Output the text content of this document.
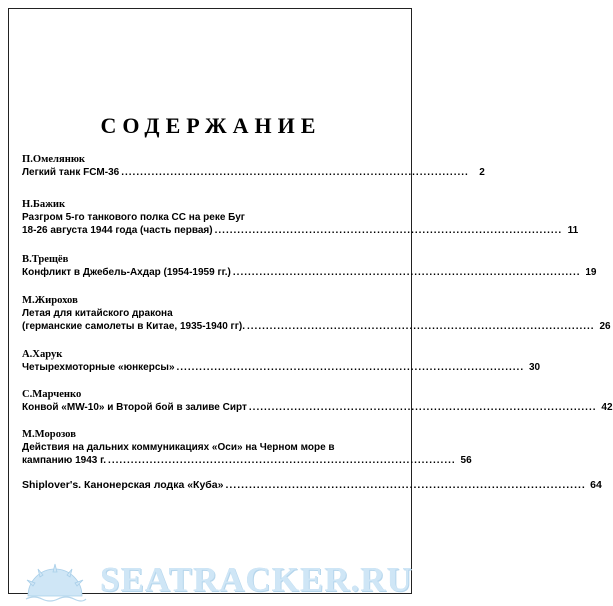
СОДЕРЖАНИЕ
П.Омелянюк
Легкий танк FCM-36 ............................................................................................	2
Н.Бажик
Разгром 5-го танкового полка СС на реке Буг
18-26 августа 1944 года (часть первая) ............................................................................................ 11
В.Трещёв
Конфликт в Джебель-Ахдар (1954-1959 гг.) ............................................................................................ 19
М.Жирохов
Летая для китайского дракона
(германские самолеты в Китае, 1935-1940 гг). ............................................................................................ 26
А.Харук
Четырехмоторные «юнкерсы» ............................................................................................ 30
С.Марченко
Конвой «MW-10» и Второй бой в заливе Сирт ............................................................................................ 42
М.Морозов
Действия на дальних коммуникациях «Оси» на Черном море в
кампанию 1943 г. ............................................................................................ 56
Shiplover's. Канонерская лодка «Куба» ............................................................................................ 64
SEATRACKER.RU
